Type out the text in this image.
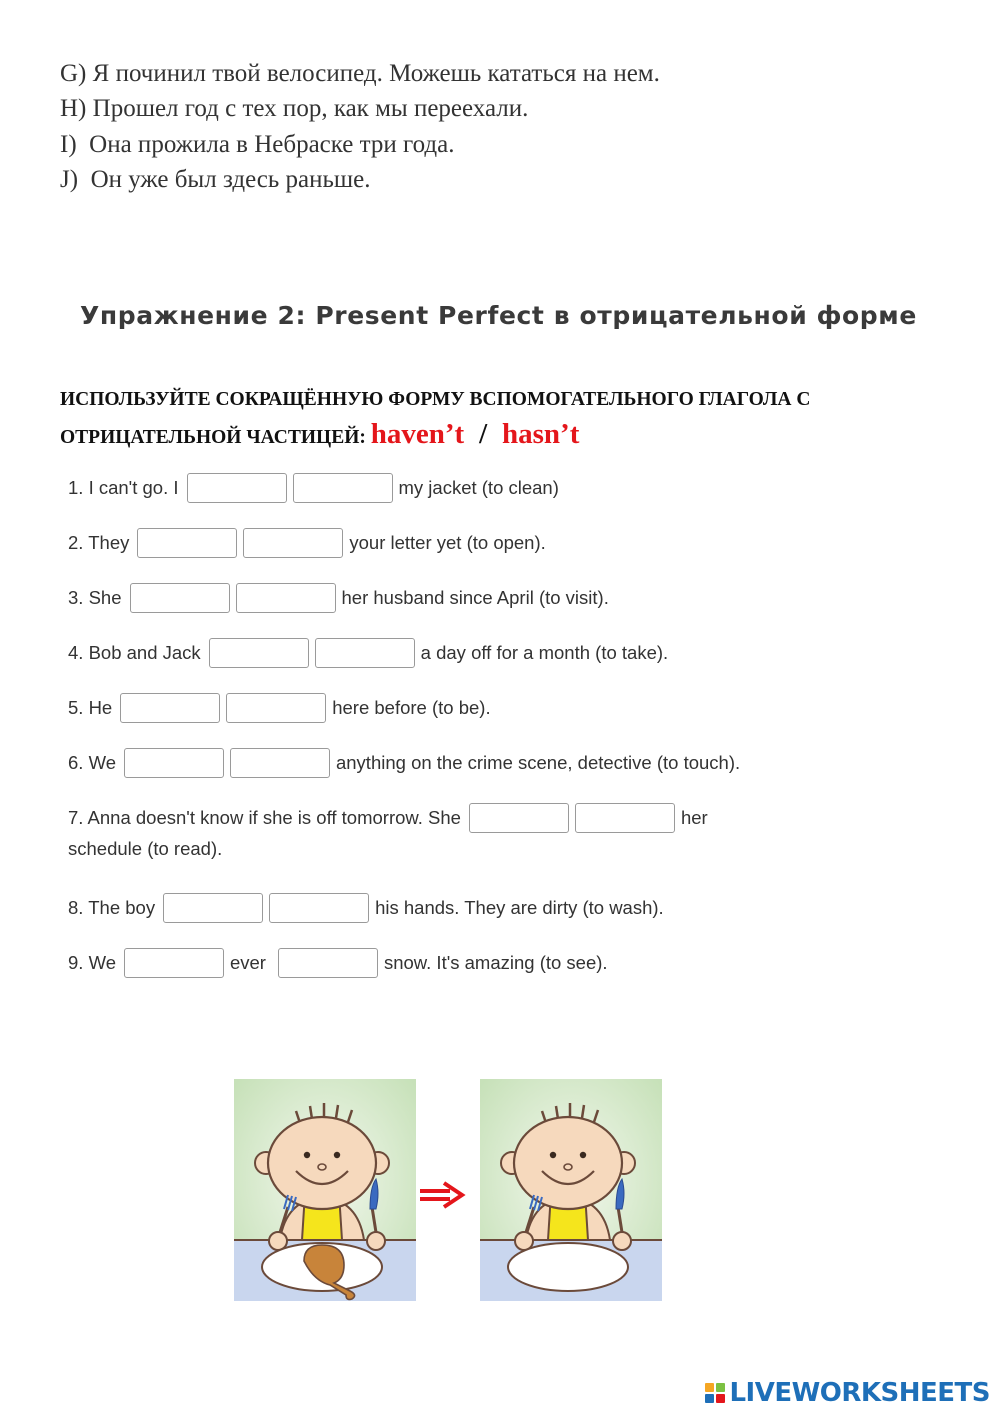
G) Я починил твой велосипед. Можешь кататься на нем.
H) Прошел год с тех пор, как мы переехали.
I)  Она прожила в Небраске три года.
J)  Он уже был здесь раньше.
Упражнение 2: Present Perfect в отрицательной форме
ИСПОЛЬЗУЙТЕ СОКРАЩЁННУЮ ФОРМУ ВСПОМОГАТЕЛЬНОГО ГЛАГОЛА С ОТРИЦАТЕЛЬНОЙ ЧАСТИЦЕЙ: haven’t / hasn’t
1. I can't go. I	my jacket (to clean)
2. They	your letter yet (to open).
3. She	her husband since April (to visit).
4. Bob and Jack	a day off for a month (to take).
5. He	here before (to be).
6. We	anything on the crime scene, detective (to touch).
7. Anna doesn't know if she is off tomorrow. She	her
schedule (to read).
8. The boy	his hands. They are dirty (to wash).
9. We	ever	snow. It's amazing (to see).
LIVEWORKSHEETS
